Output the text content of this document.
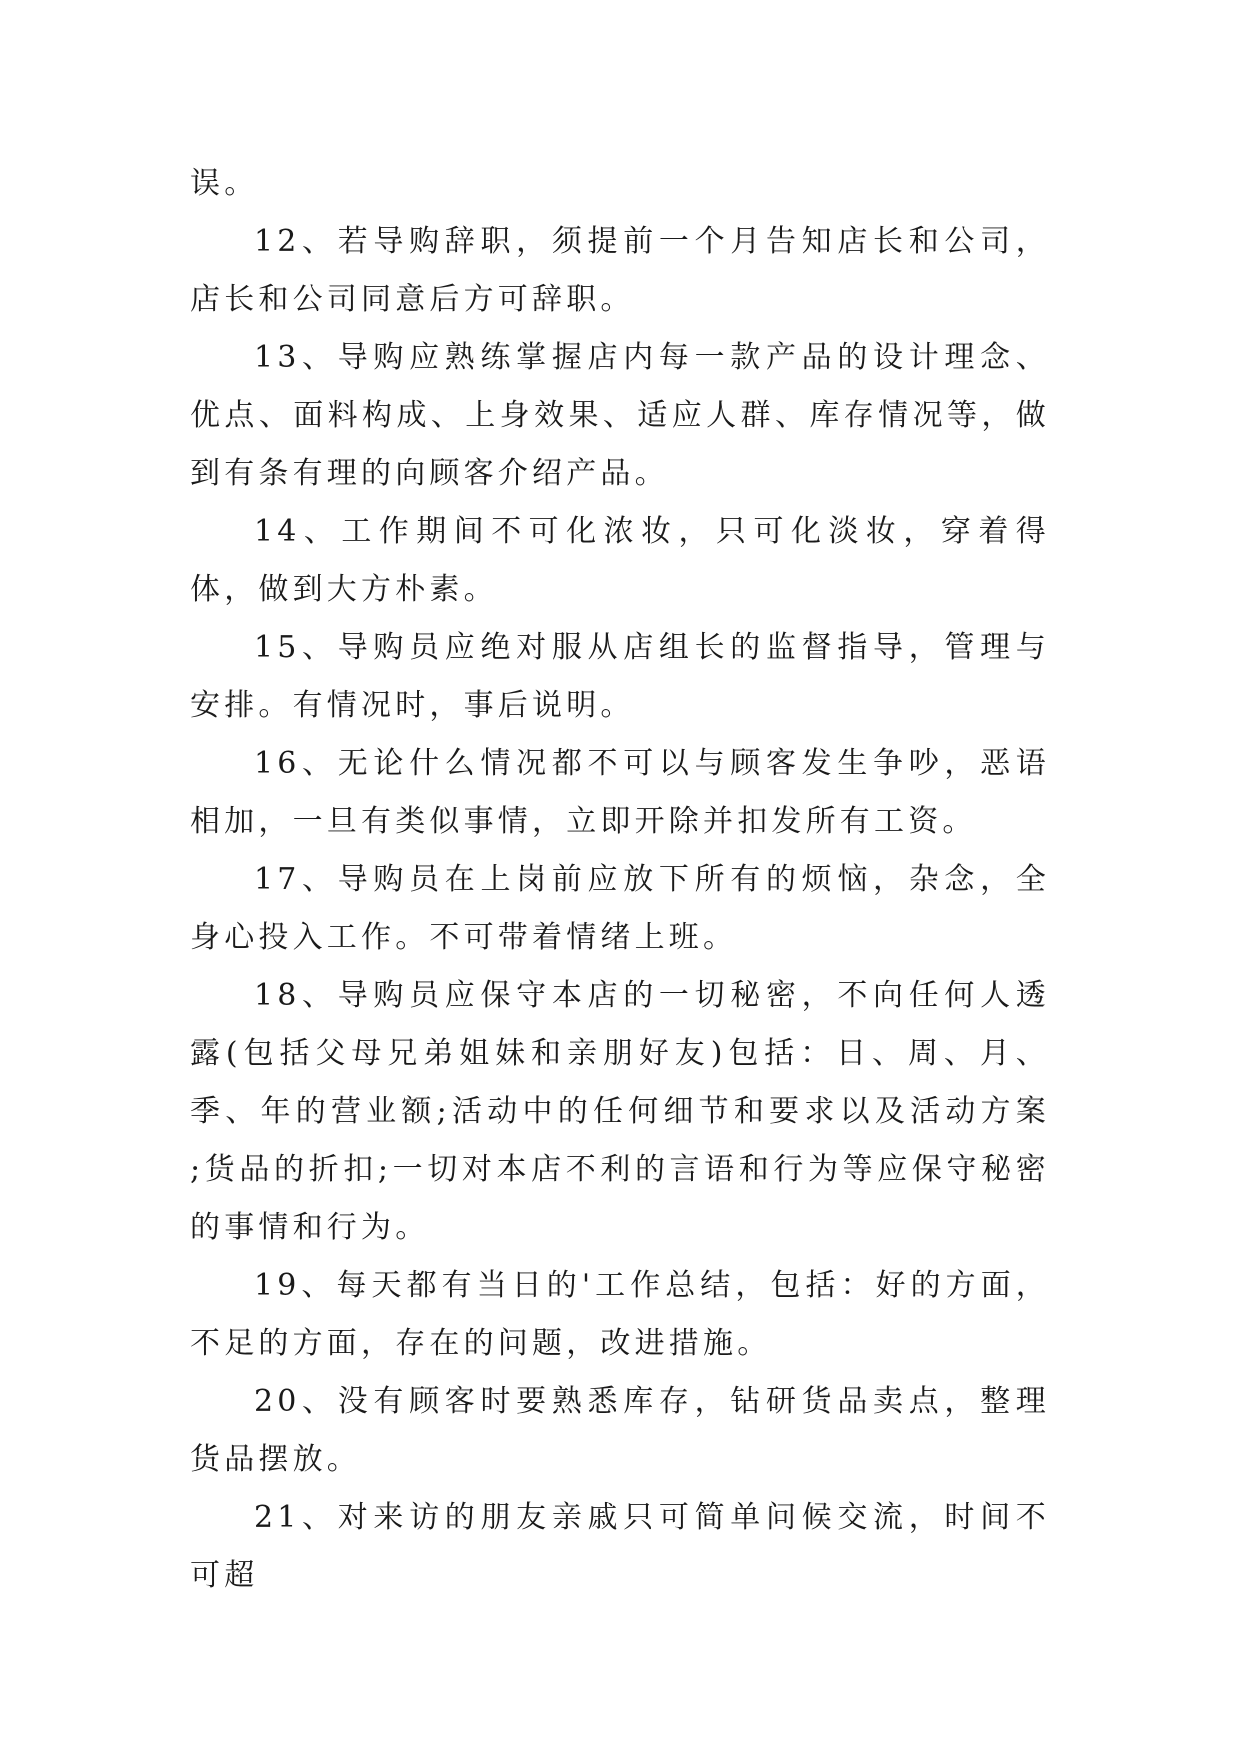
误。

12、若导购辞职，须提前一个月告知店长和公司，店长和公司同意后方可辞职。

13、导购应熟练掌握店内每一款产品的设计理念、优点、面料构成、上身效果、适应人群、库存情况等，做到有条有理的向顾客介绍产品。

14、工作期间不可化浓妆，只可化淡妆，穿着得体，做到大方朴素。

15、导购员应绝对服从店组长的监督指导，管理与安排。有情况时，事后说明。

16、无论什么情况都不可以与顾客发生争吵，恶语相加，一旦有类似事情，立即开除并扣发所有工资。

17、导购员在上岗前应放下所有的烦恼，杂念，全身心投入工作。不可带着情绪上班。

18、导购员应保守本店的一切秘密，不向任何人透露(包括父母兄弟姐妹和亲朋好友)包括：日、周、月、季、年的营业额;活动中的任何细节和要求以及活动方案 ;货品的折扣;一切对本店不利的言语和行为等应保守秘密的事情和行为。

19、每天都有当日的'工作总结，包括：好的方面，不足的方面，存在的问题，改进措施。

20、没有顾客时要熟悉库存，钻研货品卖点，整理货品摆放。

21、对来访的朋友亲戚只可简单问候交流，时间不可超
